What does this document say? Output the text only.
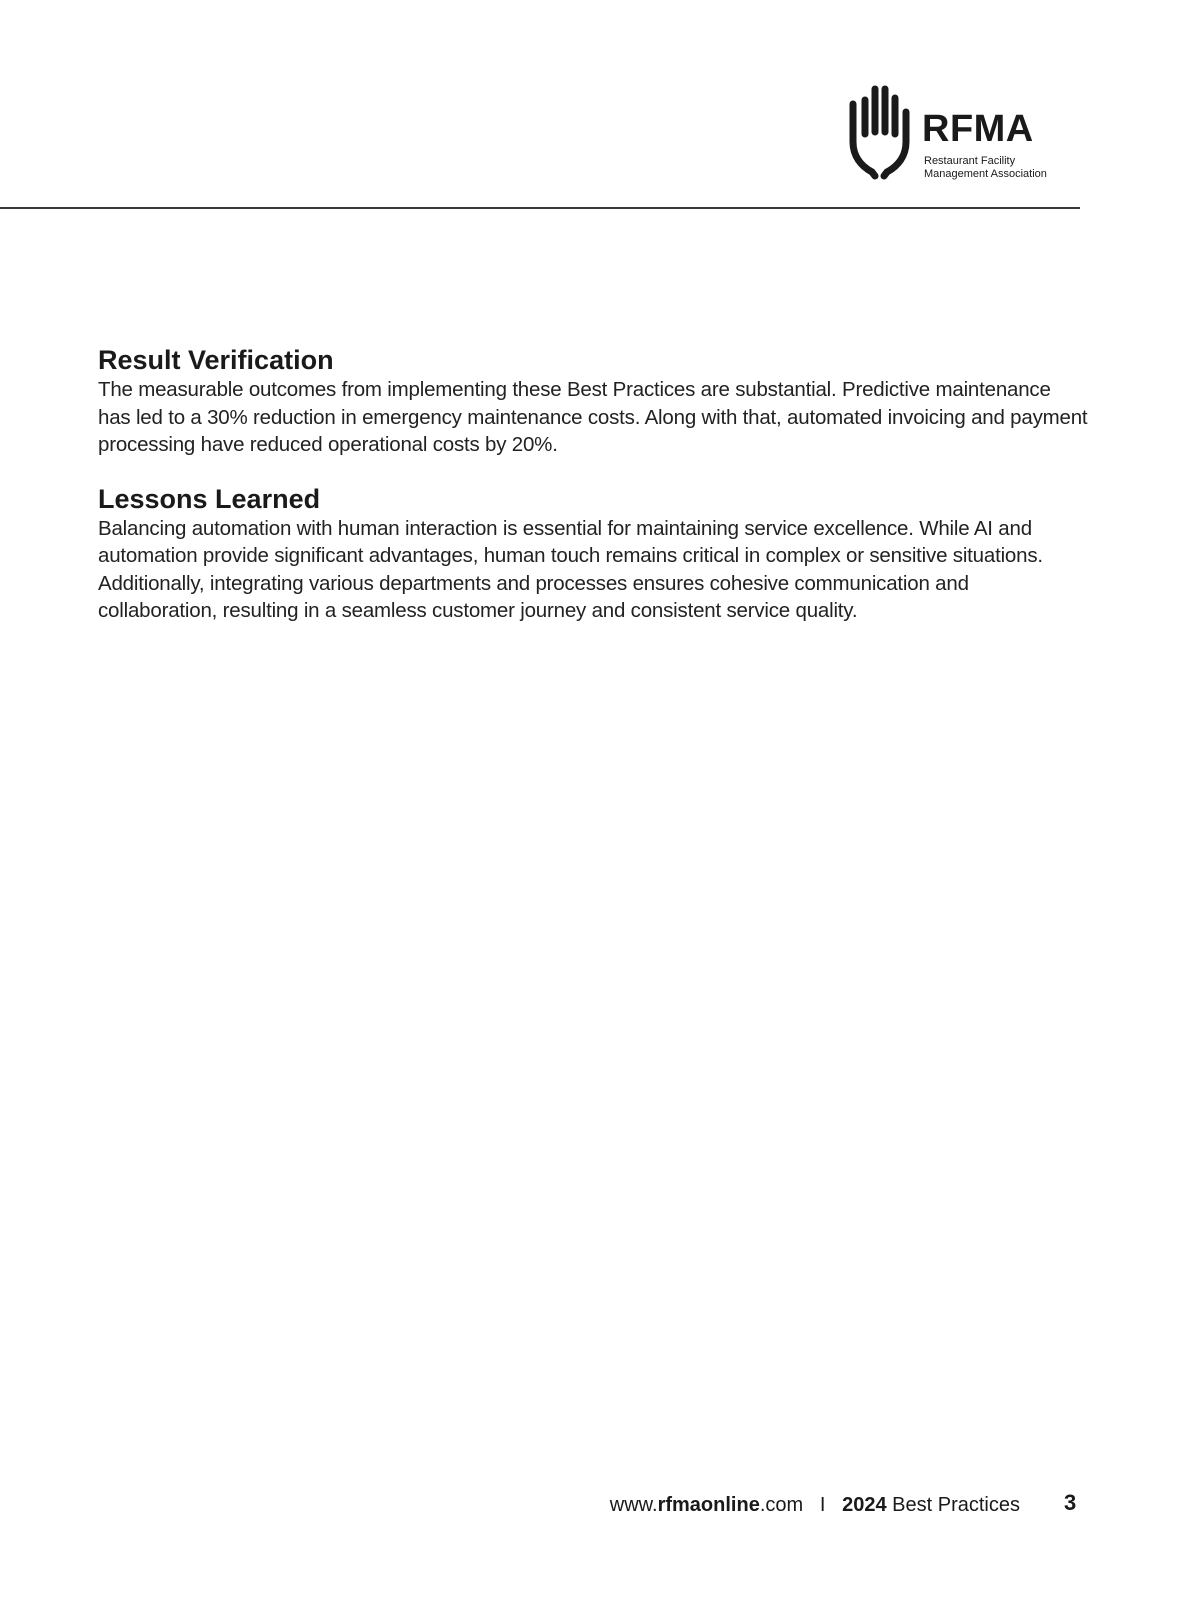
RFMA
Restaurant Facility
Management Association
Result Verification

The measurable outcomes from implementing these Best Practices are substantial. Predictive maintenance has led to a 30% reduction in emergency maintenance costs. Along with that, automated invoicing and payment processing have reduced operational costs by 20%.

Lessons Learned

Balancing automation with human interaction is essential for maintaining service excellence. While AI and automation provide significant advantages, human touch remains critical in complex or sensitive situations. Additionally, integrating various departments and processes ensures cohesive communication and collaboration, resulting in a seamless customer journey and consistent service quality.

www.rfmaonline.com I 2024 Best Practices 3
